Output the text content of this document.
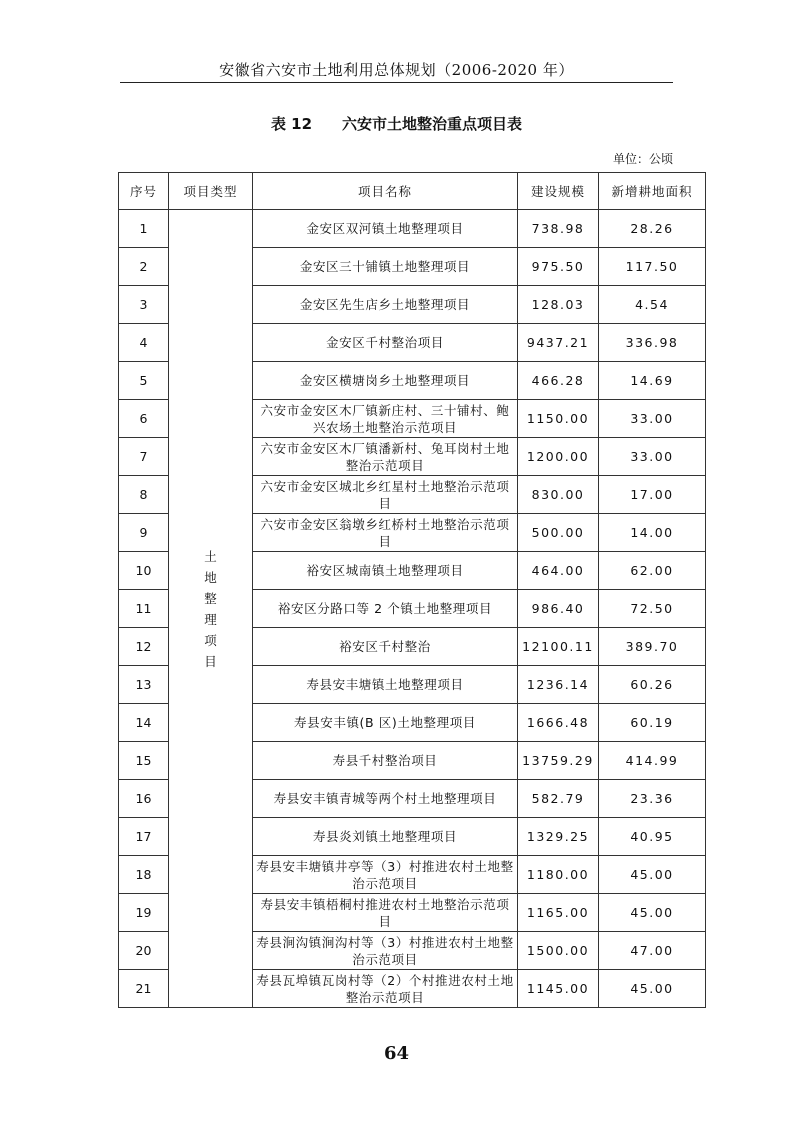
安徽省六安市土地利用总体规划（2006-2020 年）
表 12 六安市土地整治重点项目表
单位：公顷
序号	项目类型	项目名称	建设规模	新增耕地面积
1	土地整理项目	金安区双河镇土地整理项目	738.98	28.26
2		金安区三十铺镇土地整理项目	975.50	117.50
3		金安区先生店乡土地整理项目	128.03	4.54
4		金安区千村整治项目	9437.21	336.98
5		金安区横塘岗乡土地整理项目	466.28	14.69
6		六安市金安区木厂镇新庄村、三十铺村、鲍兴农场土地整治示范项目	1150.00	33.00
7		六安市金安区木厂镇潘新村、兔耳岗村土地整治示范项目	1200.00	33.00
8		六安市金安区城北乡红星村土地整治示范项目	830.00	17.00
9		六安市金安区翁墩乡红桥村土地整治示范项目	500.00	14.00
10		裕安区城南镇土地整理项目	464.00	62.00
11		裕安区分路口等 2 个镇土地整理项目	986.40	72.50
12		裕安区千村整治	12100.11	389.70
13		寿县安丰塘镇土地整理项目	1236.14	60.26
14		寿县安丰镇(B 区)土地整理项目	1666.48	60.19
15		寿县千村整治项目	13759.29	414.99
16		寿县安丰镇青城等两个村土地整理项目	582.79	23.36
17		寿县炎刘镇土地整理项目	1329.25	40.95
18		寿县安丰塘镇井亭等（3）村推进农村土地整治示范项目	1180.00	45.00
19		寿县安丰镇梧桐村推进农村土地整治示范项目	1165.00	45.00
20		寿县涧沟镇涧沟村等（3）村推进农村土地整治示范项目	1500.00	47.00
21		寿县瓦埠镇瓦岗村等（2）个村推进农村土地整治示范项目	1145.00	45.00
64
